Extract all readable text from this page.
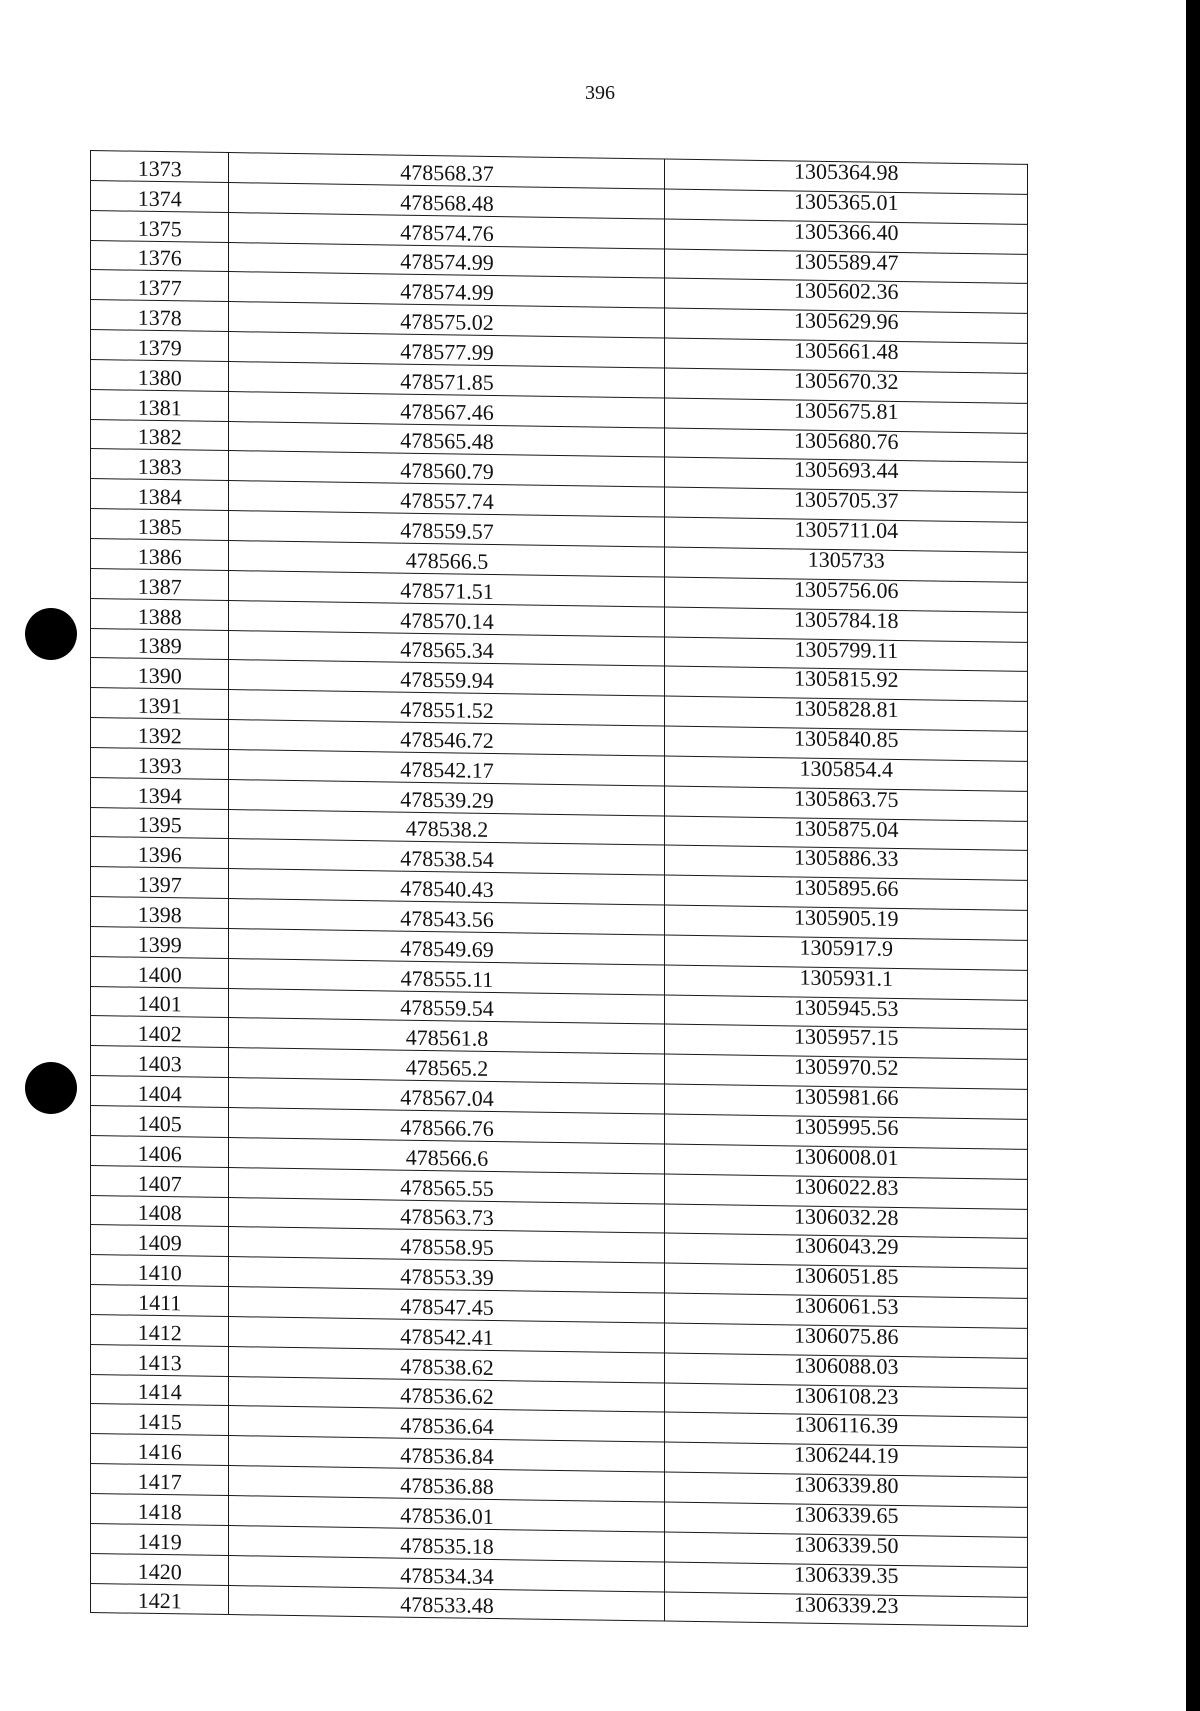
396
1373	478568.37	1305364.98
1374	478568.48	1305365.01
1375	478574.76	1305366.40
1376	478574.99	1305589.47
1377	478574.99	1305602.36
1378	478575.02	1305629.96
1379	478577.99	1305661.48
1380	478571.85	1305670.32
1381	478567.46	1305675.81
1382	478565.48	1305680.76
1383	478560.79	1305693.44
1384	478557.74	1305705.37
1385	478559.57	1305711.04
1386	478566.5	1305733
1387	478571.51	1305756.06
1388	478570.14	1305784.18
1389	478565.34	1305799.11
1390	478559.94	1305815.92
1391	478551.52	1305828.81
1392	478546.72	1305840.85
1393	478542.17	1305854.4
1394	478539.29	1305863.75
1395	478538.2	1305875.04
1396	478538.54	1305886.33
1397	478540.43	1305895.66
1398	478543.56	1305905.19
1399	478549.69	1305917.9
1400	478555.11	1305931.1
1401	478559.54	1305945.53
1402	478561.8	1305957.15
1403	478565.2	1305970.52
1404	478567.04	1305981.66
1405	478566.76	1305995.56
1406	478566.6	1306008.01
1407	478565.55	1306022.83
1408	478563.73	1306032.28
1409	478558.95	1306043.29
1410	478553.39	1306051.85
1411	478547.45	1306061.53
1412	478542.41	1306075.86
1413	478538.62	1306088.03
1414	478536.62	1306108.23
1415	478536.64	1306116.39
1416	478536.84	1306244.19
1417	478536.88	1306339.80
1418	478536.01	1306339.65
1419	478535.18	1306339.50
1420	478534.34	1306339.35
1421	478533.48	1306339.23
